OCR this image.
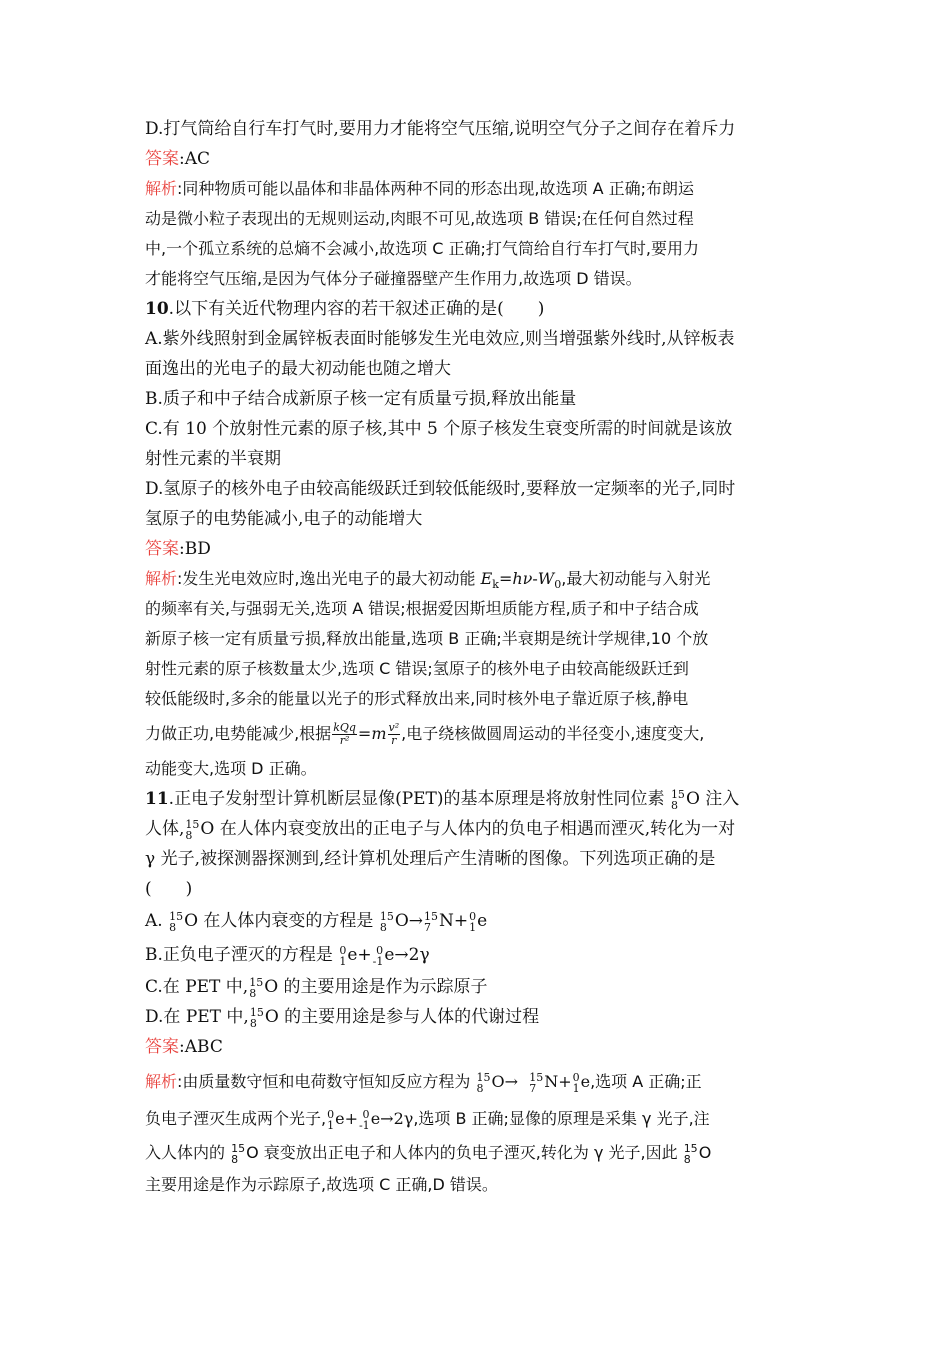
D.打气筒给自行车打气时,要用力才能将空气压缩,说明空气分子之间存在着斥力
答案:AC
解析:同种物质可能以晶体和非晶体两种不同的形态出现,故选项 A 正确;布朗运
动是微小粒子表现出的无规则运动,肉眼不可见,故选项 B 错误;在任何自然过程
中,一个孤立系统的总熵不会减小,故选项 C 正确;打气筒给自行车打气时,要用力
才能将空气压缩,是因为气体分子碰撞器壁产生作用力,故选项 D 错误。
10.以下有关近代物理内容的若干叙述正确的是(　　)
A.紫外线照射到金属锌板表面时能够发生光电效应,则当增强紫外线时,从锌板表
面逸出的光电子的最大初动能也随之增大
B.质子和中子结合成新原子核一定有质量亏损,释放出能量
C.有 10 个放射性元素的原子核,其中 5 个原子核发生衰变所需的时间就是该放
射性元素的半衰期
D.氢原子的核外电子由较高能级跃迁到较低能级时,要释放一定频率的光子,同时
氢原子的电势能减小,电子的动能增大
答案:BD
解析:发生光电效应时,逸出光电子的最大初动能 $E_k=h\nu-W_0$,最大初动能与入射光
的频率有关,与强弱无关,选项 A 错误;根据爱因斯坦质能方程,质子和中子结合成
新原子核一定有质量亏损,释放出能量,选项 B 正确;半衰期是统计学规律,10 个放
射性元素的原子核数量太少,选项 C 错误;氢原子的核外电子由较高能级跃迁到
较低能级时,多余的能量以光子的形式释放出来,同时核外电子靠近原子核,静电
力做正功,电势能减少,根据 $\frac{\text{kQq}}{\text{r²}} =m \frac{\text{v²}}{r}$ ,电子绕核做圆周运动的半径变小,速度变大,
动能变大,选项 D 正确。
11.正电子发射型计算机断层显像(PET)的基本原理是将放射性同位素 15
8 O 注入
人体, 15
8 O 在人体内衰变放出的正电子与人体内的负电子相遇而湮灭,转化为一对
γ 光子,被探测器探测到,经计算机处理后产生清晰的图像。下列选项正确的是
(　　)
A. 15
8 O 在人体内衰变的方程是 15
8 O→ 15
7 N+ 0
1 e
B.正负电子湮灭的方程是 0
1 e+ 0
-1 e→2γ
C.在 PET 中, 15
8 O 的主要用途是作为示踪原子
D.在 PET 中, 15
8 O 的主要用途是参与人体的代谢过程
答案:ABC
解析:由质量数守恒和电荷数守恒知反应方程为 15
8 O→ 15
7 N+ 0
1 e,选项 A 正确;正
负电子湮灭生成两个光子, 0
1 e+ 0
-1 e→2γ,选项 B 正确;显像的原理是采集 γ 光子,注
入人体内的 15
8 O 衰变放出正电子和人体内的负电子湮灭,转化为 γ 光子,因此 15
8 O
主要用途是作为示踪原子,故选项 C 正确,D 错误。
